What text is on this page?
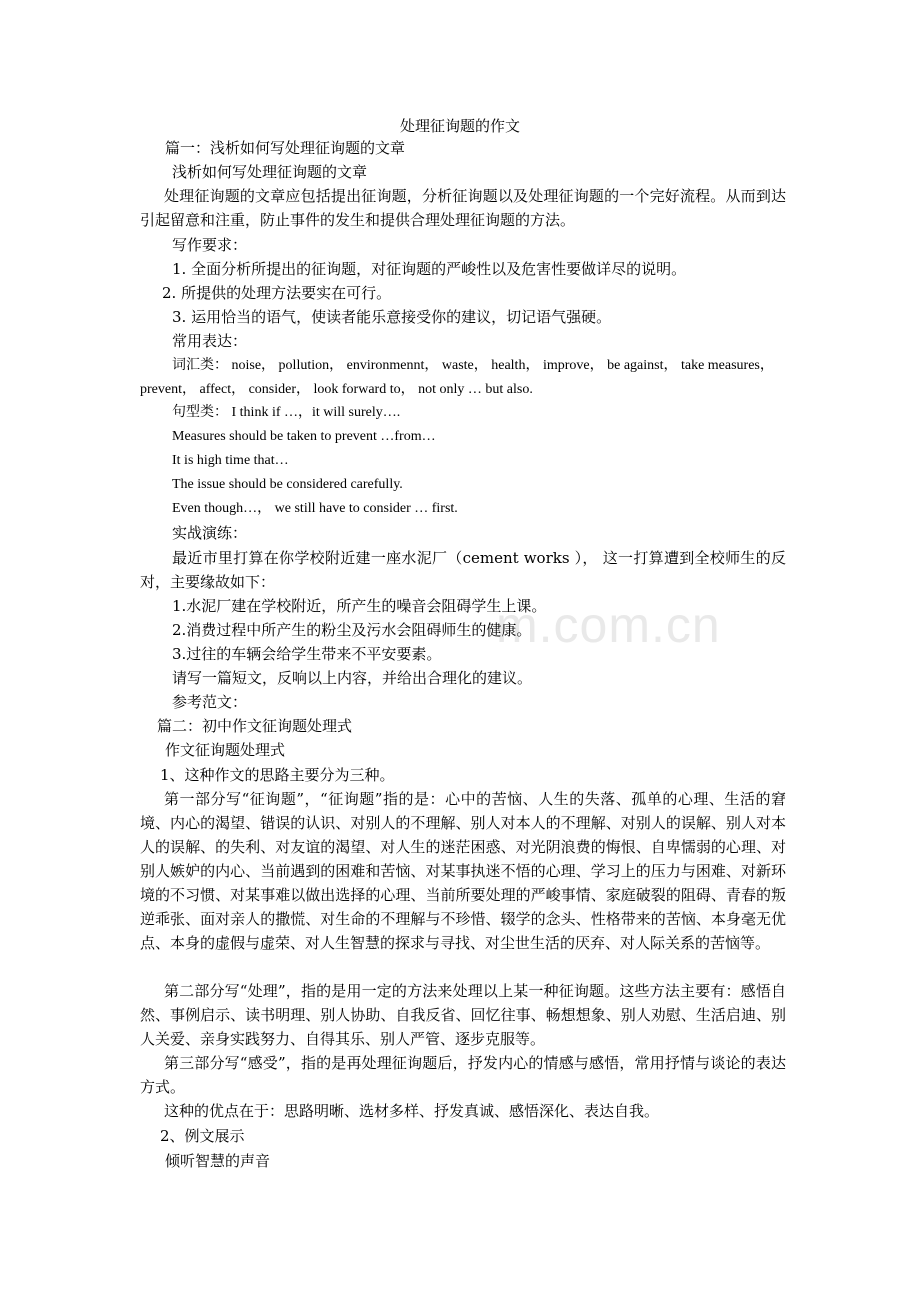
m.com.cn
处理征询题的作文
篇一：浅析如何写处理征询题的文章
浅析如何写处理征询题的文章
处理征询题的文章应包括提出征询题，分析征询题以及处理征询题的一个完好流程。从而到达引起留意和注重，防止事件的发生和提供合理处理征询题的方法。
写作要求：
1. 全面分析所提出的征询题，对征询题的严峻性以及危害性要做详尽的说明。
2. 所提供的处理方法要实在可行。
3. 运用恰当的语气，使读者能乐意接受你的建议，切记语气强硬。
常用表达：
词汇类： noise， pollution， environmennt， waste， health， improve， be against， take measures， prevent， affect， consider， look forward to， not only … but also.
句型类： I think if …，it will surely….
Measures should be taken to prevent …from…
It is high time that…
The issue should be considered carefully.
Even though…， we still have to consider … first.
实战演练：
最近市里打算在你学校附近建一座水泥厂（cement works ）， 这一打算遭到全校师生的反对，主要缘故如下：
1.水泥厂建在学校附近，所产生的噪音会阻碍学生上课。
2.消费过程中所产生的粉尘及污水会阻碍师生的健康。
3.过往的车辆会给学生带来不平安要素。
请写一篇短文，反响以上内容，并给出合理化的建议。
参考范文：
篇二：初中作文征询题处理式
作文征询题处理式
1、这种作文的思路主要分为三种。
第一部分写“征询题”，“征询题”指的是：心中的苦恼、人生的失落、孤单的心理、生活的窘境、内心的渴望、错误的认识、对别人的不理解、别人对本人的不理解、对别人的误解、别人对本人的误解、的失利、对友谊的渴望、对人生的迷茫困惑、对光阴浪费的悔恨、自卑懦弱的心理、对别人嫉妒的内心、当前遇到的困难和苦恼、对某事执迷不悟的心理、学习上的压力与困难、对新环境的不习惯、对某事难以做出选择的心理、当前所要处理的严峻事情、家庭破裂的阻碍、青春的叛逆乖张、面对亲人的撒慌、对生命的不理解与不珍惜、辍学的念头、性格带来的苦恼、本身毫无优点、本身的虚假与虚荣、对人生智慧的探求与寻找、对尘世生活的厌弃、对人际关系的苦恼等。
第二部分写“处理”，指的是用一定的方法来处理以上某一种征询题。这些方法主要有：感悟自然、事例启示、读书明理、别人协助、自我反省、回忆往事、畅想想象、别人劝慰、生活启迪、别人关爱、亲身实践努力、自得其乐、别人严管、逐步克服等。
第三部分写“感受”，指的是再处理征询题后，抒发内心的情感与感悟，常用抒情与谈论的表达方式。
这种的优点在于：思路明晰、选材多样、抒发真诚、感悟深化、表达自我。
2、例文展示
倾听智慧的声音
